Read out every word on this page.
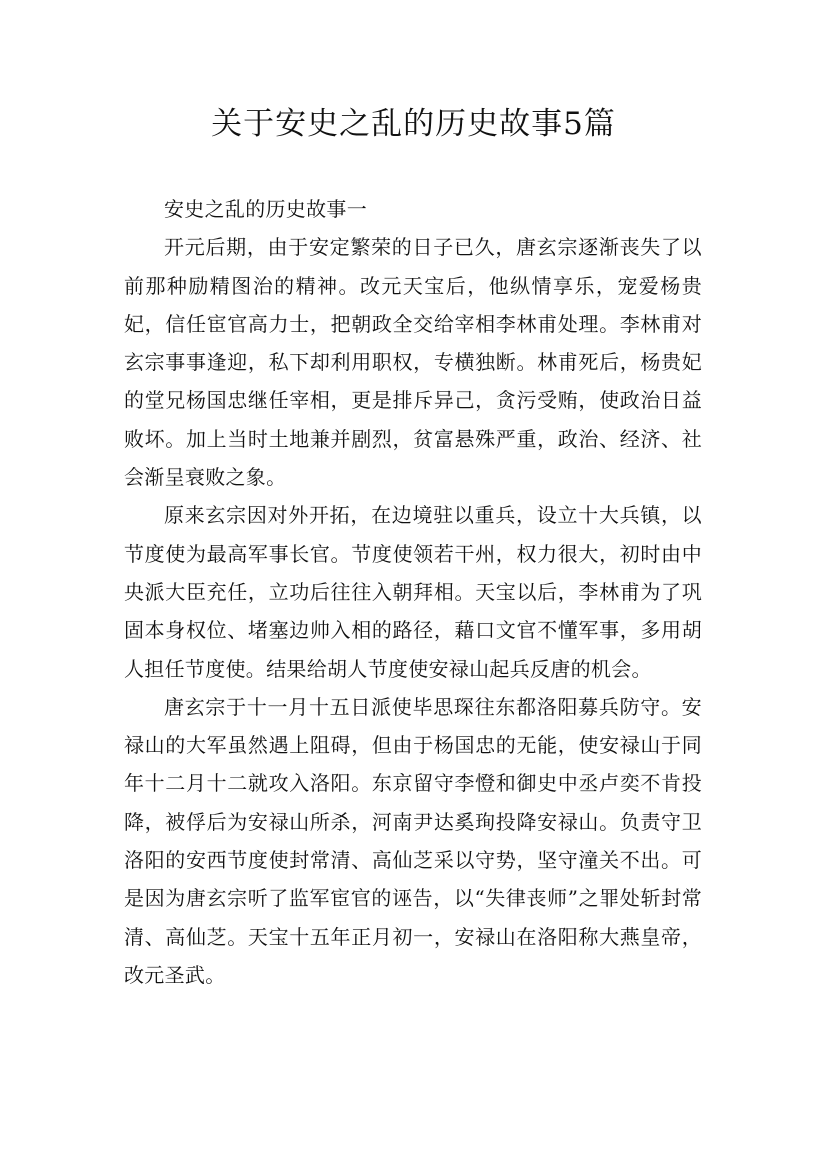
关于安史之乱的历史故事5篇

安史之乱的历史故事一

开元后期，由于安定繁荣的日子已久，唐玄宗逐渐丧失了以前那种励精图治的精神。改元天宝后，他纵情享乐，宠爱杨贵妃，信任宦官高力士，把朝政全交给宰相李林甫处理。李林甫对玄宗事事逢迎，私下却利用职权，专横独断。林甫死后，杨贵妃的堂兄杨国忠继任宰相，更是排斥异己，贪污受贿，使政治日益败坏。加上当时土地兼并剧烈，贫富悬殊严重，政治、经济、社会渐呈衰败之象。

原来玄宗因对外开拓，在边境驻以重兵，设立十大兵镇，以节度使为最高军事长官。节度使领若干州，权力很大，初时由中央派大臣充任，立功后往往入朝拜相。天宝以后，李林甫为了巩固本身权位、堵塞边帅入相的路径，藉口文官不懂军事，多用胡人担任节度使。结果给胡人节度使安禄山起兵反唐的机会。

唐玄宗于十一月十五日派使毕思琛往东都洛阳募兵防守。安禄山的大军虽然遇上阻碍，但由于杨国忠的无能，使安禄山于同年十二月十二就攻入洛阳。东京留守李憕和御史中丞卢奕不肯投降，被俘后为安禄山所杀，河南尹达奚珣投降安禄山。负责守卫洛阳的安西节度使封常清、高仙芝采以守势，坚守潼关不出。可是因为唐玄宗听了监军宦官的诬告，以“失律丧师”之罪处斩封常清、高仙芝。天宝十五年正月初一，安禄山在洛阳称大燕皇帝，改元圣武。
